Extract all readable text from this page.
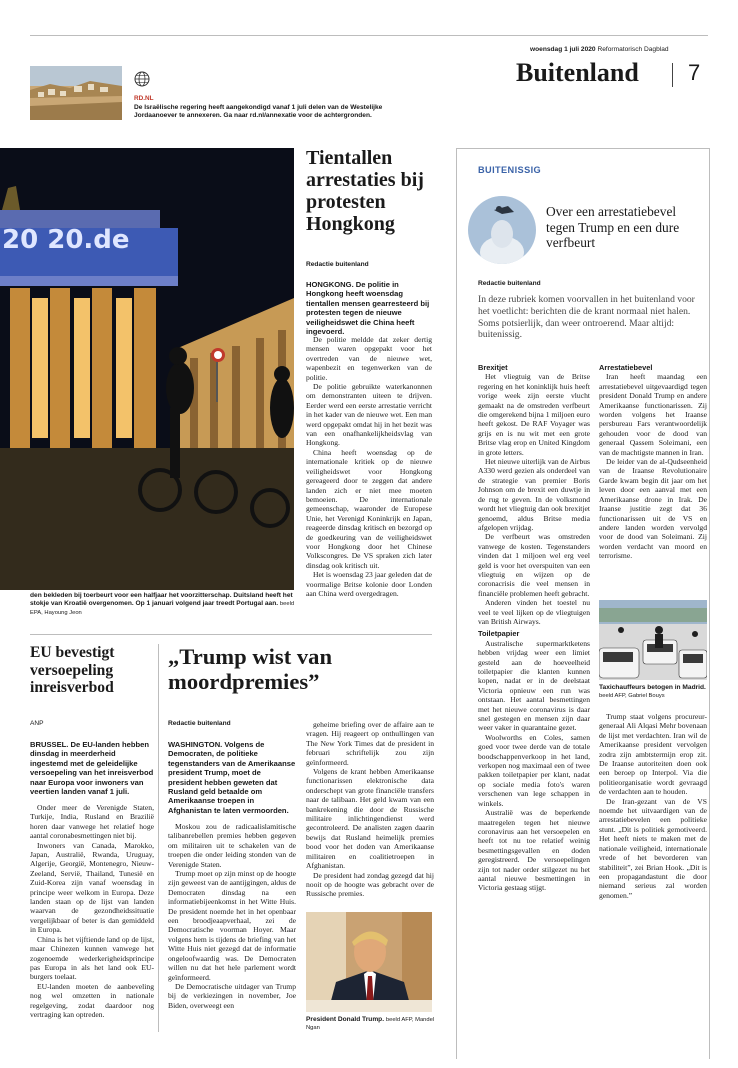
woensdag 1 juli 2020 Reformatorisch Dagblad
Buitenland 7
RD.NL
De Israëlische regering heeft aangekondigd vanaf 1 juli delen van de Westelijke Jordaanoever te annexeren. Ga naar rd.nl/annexatie voor de achtergronden.
20 20.de
den bekleden bij toerbeurt voor een halfjaar het voorzitterschap. Duitsland heeft het stokje van Kroatië overgenomen. Op 1 januari volgend jaar treedt Portugal aan. beeld EPA, Hayoung Jeon
Tientallen arrestaties bij protesten Hongkong
Redactie buitenland
HONGKONG. De politie in Hongkong heeft woensdag tientallen mensen gearresteerd bij protesten tegen de nieuwe veiligheidswet die China heeft ingevoerd.

De politie meldde dat zeker dertig mensen waren opgepakt voor het overtreden van de nieuwe wet, wapenbezit en tegenwerken van de politie.

De politie gebruikte waterkanonnen om demonstranten uiteen te drijven. Eerder werd een eerste arrestatie verricht in het kader van de nieuwe wet. Een man werd opgepakt omdat hij in het bezit was van een onafhankelijkheidsvlag van Hongkong.

China heeft woensdag op de internationale kritiek op de nieuwe veiligheidswet voor Hongkong gereageerd door te zeggen dat andere landen zich er niet mee moeten bemoeien. De internationale gemeenschap, waaronder de Europese Unie, het Verenigd Koninkrijk en Japan, reageerde dinsdag kritisch en bezorgd op de goedkeuring van de veiligheidswet voor Hongkong door het Chinese Volkscongres. De VS spraken zich later dinsdag ook kritisch uit.

Het is woensdag 23 jaar geleden dat de voormalige Britse kolonie door Londen aan China werd overgedragen.

BUITENISSIG
Over een arrestatiebevel tegen Trump en een dure verfbeurt
Redactie buitenland
In deze rubriek komen voorvallen in het buitenland voor het voetlicht: berichten die de krant normaal niet halen. Soms potsierlijk, dan weer ontroerend. Maar altijd: buitenissig.
Brexitjet

Het vliegtuig van de Britse regering en het koninklijk huis heeft vorige week zijn eerste vlucht gemaakt na de omstreden verfbeurt die omgerekend bijna 1 miljoen euro heeft gekost. De RAF Voyager was grijs en is nu wit met een grote Britse vlag erop en United Kingdom in grote letters.

Het nieuwe uiterlijk van de Airbus A330 werd gezien als onderdeel van de strategie van premier Boris Johnson om de brexit een duwtje in de rug te geven. In de volksmond wordt het vliegtuig dan ook brexitjet genoemd, aldus Britse media afgelopen vrijdag.

De verfbeurt was omstreden vanwege de kosten. Tegenstanders vinden dat 1 miljoen wel erg veel geld is voor het overspuiten van een vliegtuig en wijzen op de coronacrisis die veel mensen in financiële problemen heeft gebracht.

Anderen vinden het toestel nu veel te veel lijken op de vliegtuigen van British Airways.

Toiletpapier

Australische supermarktketens hebben vrijdag weer een limiet gesteld aan de hoeveelheid toiletpapier die klanten kunnen kopen, nadat er in de deelstaat Victoria opnieuw een run was ontstaan. Het aantal besmettingen met het nieuwe coronavirus is daar snel gestegen en mensen zijn daar weer vaker in quarantaine gezet.

Woolworths en Coles, samen goed voor twee derde van de totale boodschappenverkoop in het land, verkopen nog maximaal een of twee pakken toiletpapier per klant, nadat op sociale media foto's waren verschenen van lege schappen in winkels.

Australië was de beperkende maatregelen tegen het nieuwe coronavirus aan het versoepelen en heeft tot nu toe relatief weinig besmettingsgevallen en doden geregistreerd. De versoepelingen zijn tot nader order stilgezet nu het aantal nieuwe besmettingen in Victoria gestaag stijgt.

Arrestatiebevel

Iran heeft maandag een arrestatiebevel uitgevaardigd tegen president Donald Trump en andere Amerikaanse functionarissen. Zij worden volgens het Iraanse persbureau Fars verantwoordelijk gehouden voor de dood van generaal Qassem Soleimani, een van de machtigste mannen in Iran.

De leider van de al-Qudseenheid van de Iraanse Revolutionaire Garde kwam begin dit jaar om het leven door een aanval met een Amerikaanse drone in Irak. De Iraanse justitie zegt dat 36 functionarissen uit de VS en andere landen worden vervolgd voor de dood van Soleimani. Zij worden verdacht van moord en terrorisme.

Taxichauffeurs betogen in Madrid. beeld AFP, Gabriel Bouys

Trump staat volgens procureur-generaal Ali Alqasi Mehr bovenaan de lijst met verdachten. Iran wil de Amerikaanse president vervolgen zodra zijn ambtstermijn erop zit. De Iraanse autoriteiten doen ook een beroep op Interpol. Via die politieorganisatie wordt gevraagd de verdachten aan te houden.

De Iran-gezant van de VS noemde het uitvaardigen van de arrestatiebevelen een politieke stunt. „Dit is politiek gemotiveerd. Het heeft niets te maken met de nationale veiligheid, internationale vrede of het bevorderen van stabiliteit”, zei Brian Hook. „Dit is een propagandastunt die door niemand serieus zal worden genomen.”

EU bevestigt versoepeling inreisverbod
ANP
BRUSSEL. De EU-landen hebben dinsdag in meerderheid ingestemd met de geleidelijke versoepeling van het inreisverbod naar Europa voor inwoners van veertien landen vanaf 1 juli.

Onder meer de Verenigde Staten, Turkije, India, Rusland en Brazilië horen daar vanwege het relatief hoge aantal coronabesmettingen niet bij.

Inwoners van Canada, Marokko, Japan, Australië, Rwanda, Uruguay, Algerije, Georgië, Montenegro, Nieuw-Zeeland, Servië, Thailand, Tunesië en Zuid-Korea zijn vanaf woensdag in principe weer welkom in Europa. Deze landen staan op de lijst van landen waarvan de gezondheidssituatie vergelijkbaar of beter is dan gemiddeld in Europa.

China is het vijftiende land op de lijst, maar Chinezen kunnen vanwege het zogenoemde wederkerigheidsprincipe pas Europa in als het land ook EU-burgers toelaat.

EU-landen moeten de aanbeveling nog wel omzetten in nationale regelgeving, zodat daardoor nog vertraging kan optreden.

„Trump wist van moordpremies”
Redactie buitenland
WASHINGTON. Volgens de Democraten, de politieke tegenstanders van de Amerikaanse president Trump, moet de president hebben geweten dat Rusland geld betaalde om Amerikaanse troepen in Afghanistan te laten vermoorden.

Moskou zou de radicaalislamitische talibanrebellen premies hebben gegeven om militairen uit te schakelen van de troepen die onder leiding stonden van de Verenigde Staten.

Trump moet op zijn minst op de hoogte zijn geweest van de aantijgingen, aldus de Democraten dinsdag na een informatiebijeenkomst in het Witte Huis. De president noemde het in het openbaar een broodjeaapverhaal, zei de Democratische voorman Hoyer. Maar volgens hem is tijdens de briefing van het Witte Huis niet gezegd dat de informatie ongeloofwaardig was. De Democraten willen nu dat het hele parlement wordt geïnformeerd.

De Democratische uitdager van Trump bij de verkiezingen in november, Joe Biden, overweegt een

geheime briefing over de affaire aan te vragen. Hij reageert op onthullingen van The New York Times dat de president in februari schriftelijk zou zijn geïnformeerd.

Volgens de krant hebben Amerikaanse functionarissen elektronische data onderschept van grote financiële transfers naar de talibaan. Het geld kwam van een bankrekening die door de Russische militaire inlichtingendienst werd gecontroleerd. De analisten zagen daarin bewijs dat Rusland heimelijk premies bood voor het doden van Amerikaanse militairen en coalitietroepen in Afghanistan.

De president had zondag gezegd dat hij nooit op de hoogte was gebracht over de Russische premies.

President Donald Trump. beeld AFP, Mandel Ngan
